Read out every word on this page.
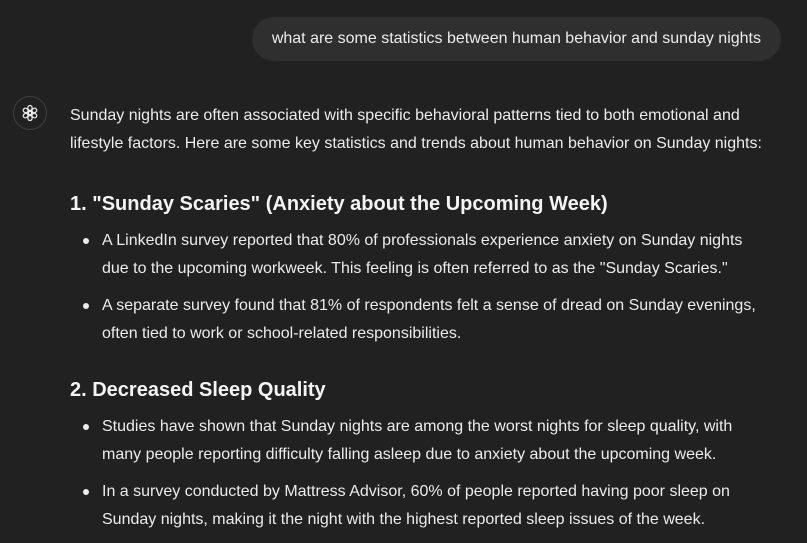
what are some statistics between human behavior and sunday nights

Sunday nights are often associated with specific behavioral patterns tied to both emotional and lifestyle factors. Here are some key statistics and trends about human behavior on Sunday nights:

1. "Sunday Scaries" (Anxiety about the Upcoming Week)
A LinkedIn survey reported that 80% of professionals experience anxiety on Sunday nights due to the upcoming workweek. This feeling is often referred to as the "Sunday Scaries."
A separate survey found that 81% of respondents felt a sense of dread on Sunday evenings, often tied to work or school-related responsibilities.
2. Decreased Sleep Quality
Studies have shown that Sunday nights are among the worst nights for sleep quality, with many people reporting difficulty falling asleep due to anxiety about the upcoming week.
In a survey conducted by Mattress Advisor, 60% of people reported having poor sleep on Sunday nights, making it the night with the highest reported sleep issues of the week.
